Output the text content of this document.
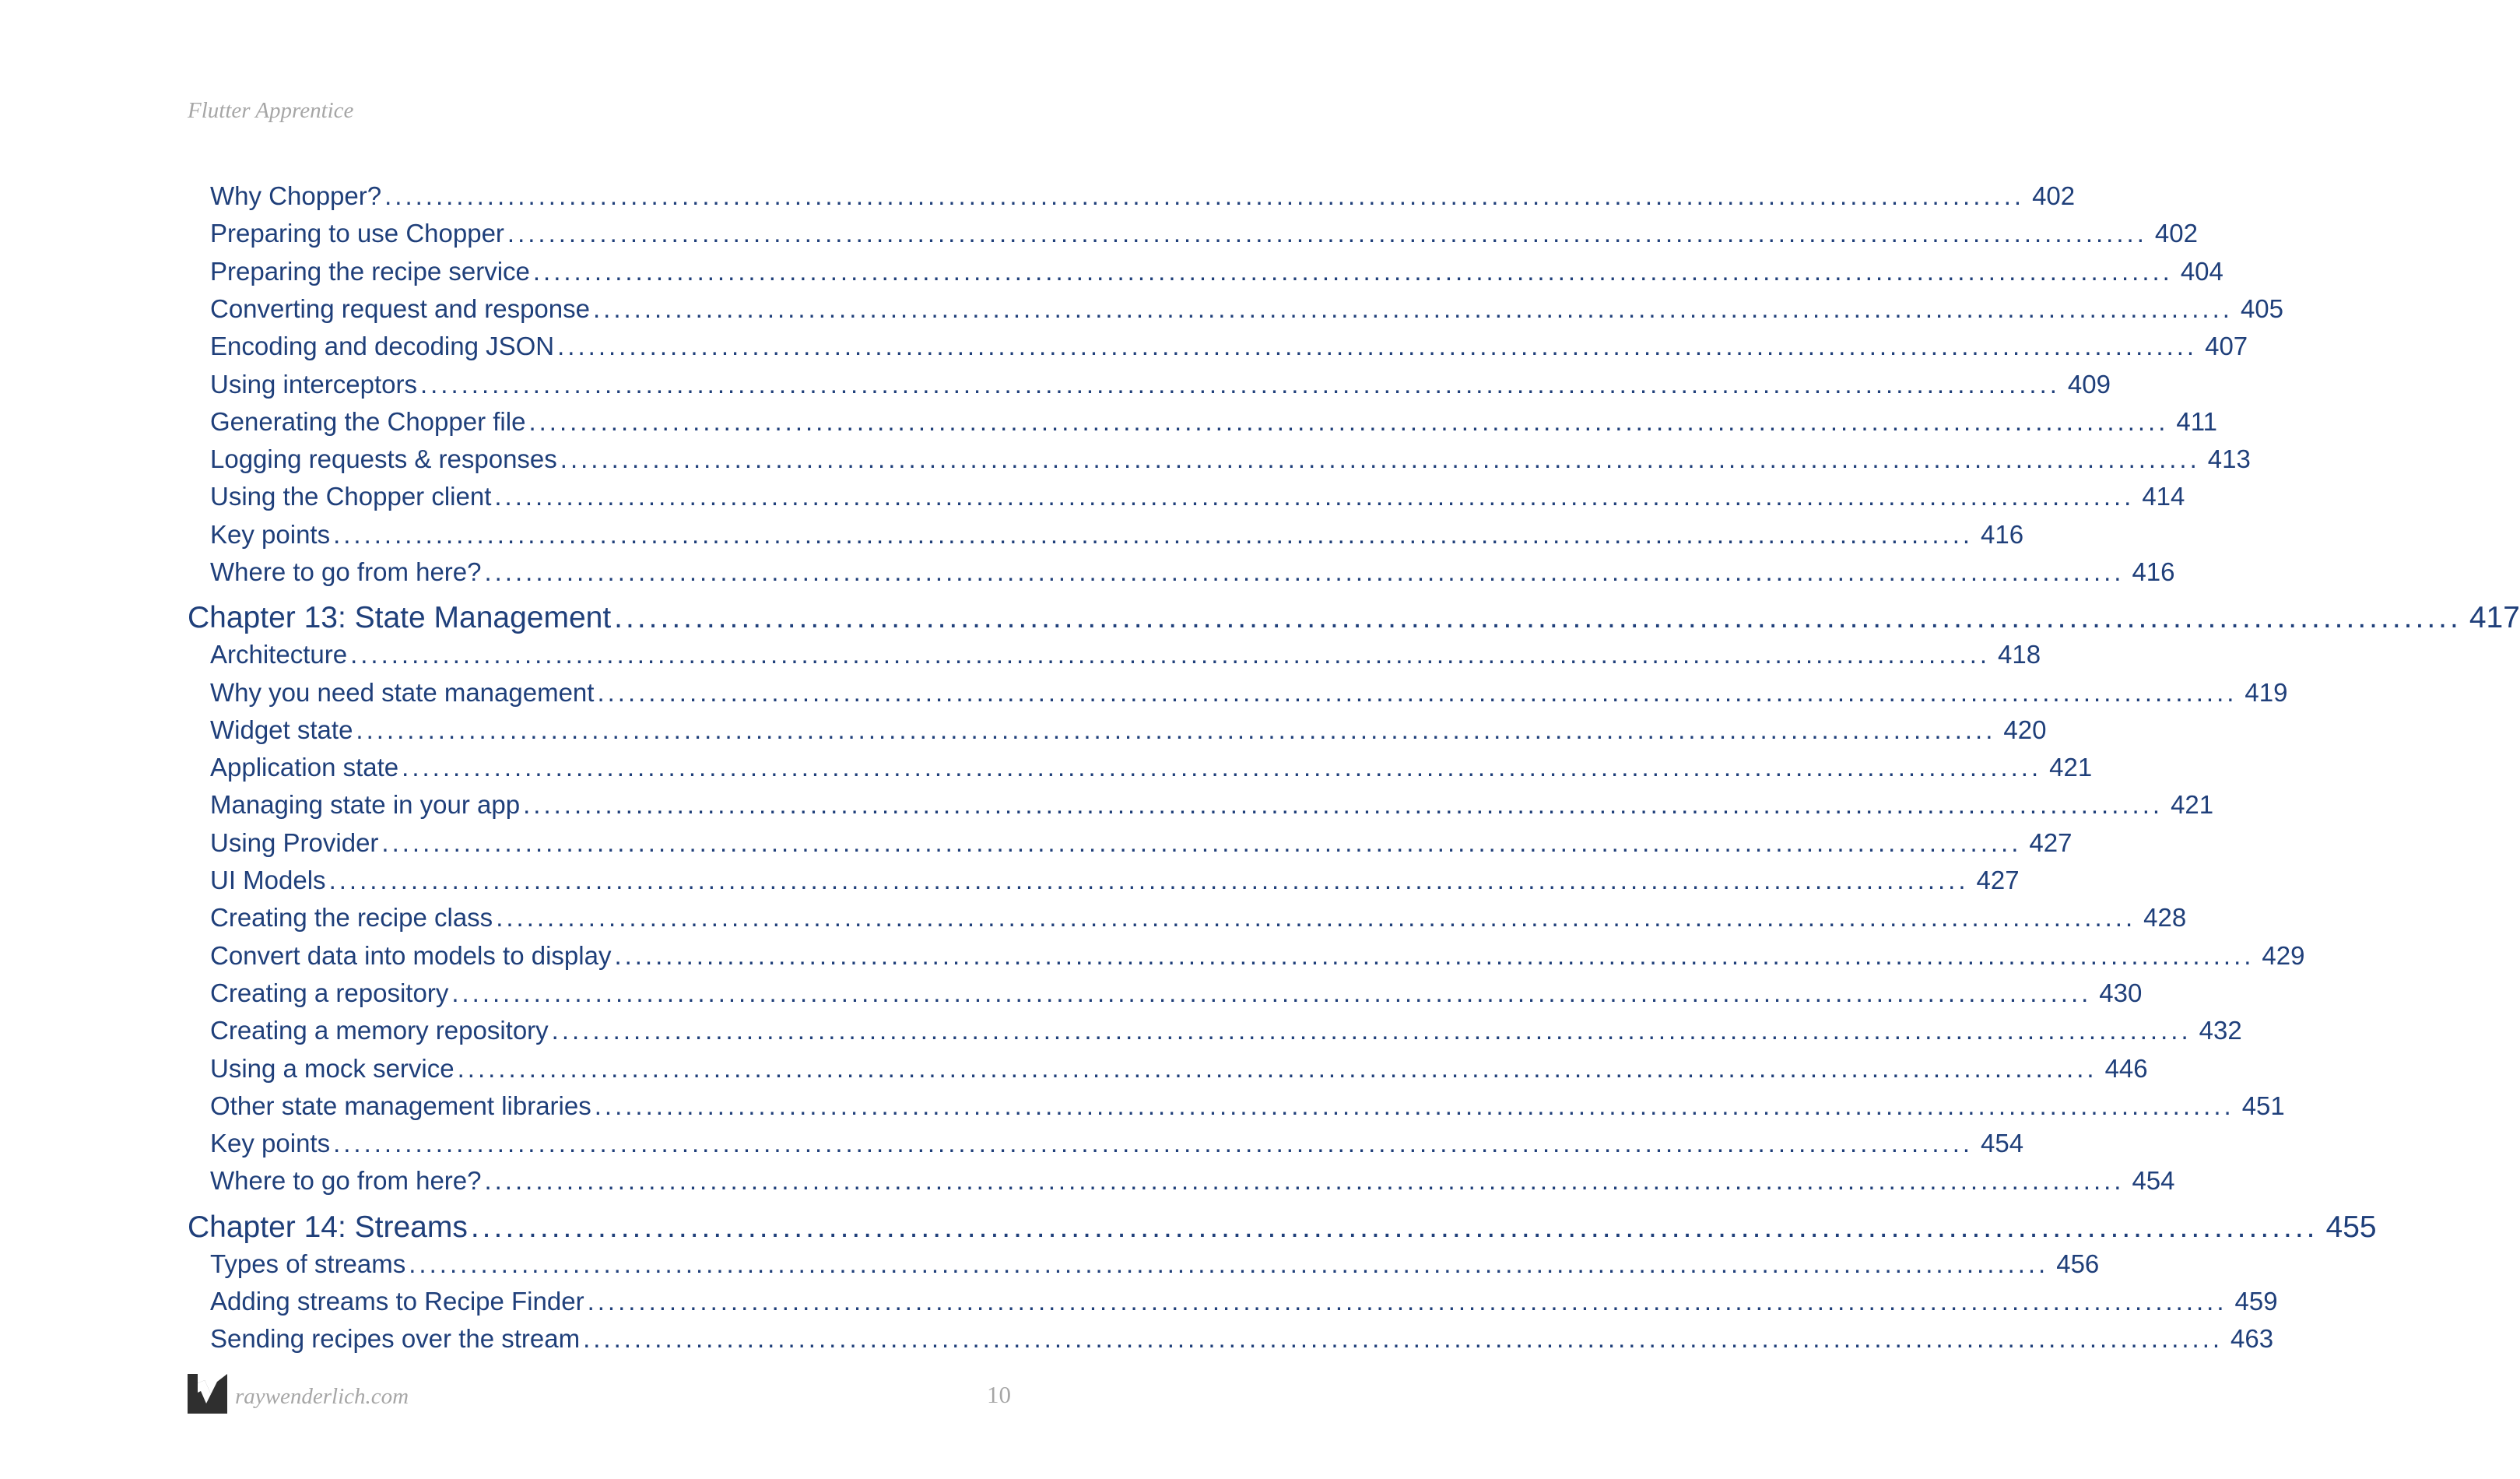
Flutter Apprentice
Why Chopper? ................................................................................................................................................................ 402
Preparing to use Chopper ................................................................................................................................................................ 402
Preparing the recipe service ................................................................................................................................................................ 404
Converting request and response ................................................................................................................................................................ 405
Encoding and decoding JSON ................................................................................................................................................................ 407
Using interceptors ................................................................................................................................................................ 409
Generating the Chopper file ................................................................................................................................................................ 411
Logging requests & responses ................................................................................................................................................................ 413
Using the Chopper client ................................................................................................................................................................ 414
Key points ................................................................................................................................................................ 416
Where to go from here? ................................................................................................................................................................ 416
Chapter 13: State Management ................................................................................................................................................................ 417
Architecture ................................................................................................................................................................ 418
Why you need state management ................................................................................................................................................................ 419
Widget state ................................................................................................................................................................ 420
Application state ................................................................................................................................................................ 421
Managing state in your app ................................................................................................................................................................ 421
Using Provider ................................................................................................................................................................ 427
UI Models ................................................................................................................................................................ 427
Creating the recipe class ................................................................................................................................................................ 428
Convert data into models to display ................................................................................................................................................................ 429
Creating a repository ................................................................................................................................................................ 430
Creating a memory repository ................................................................................................................................................................ 432
Using a mock service ................................................................................................................................................................ 446
Other state management libraries ................................................................................................................................................................ 451
Key points ................................................................................................................................................................ 454
Where to go from here? ................................................................................................................................................................ 454
Chapter 14: Streams ................................................................................................................................................................ 455
Types of streams ................................................................................................................................................................ 456
Adding streams to Recipe Finder ................................................................................................................................................................ 459
Sending recipes over the stream ................................................................................................................................................................ 463
raywenderlich.com	10
